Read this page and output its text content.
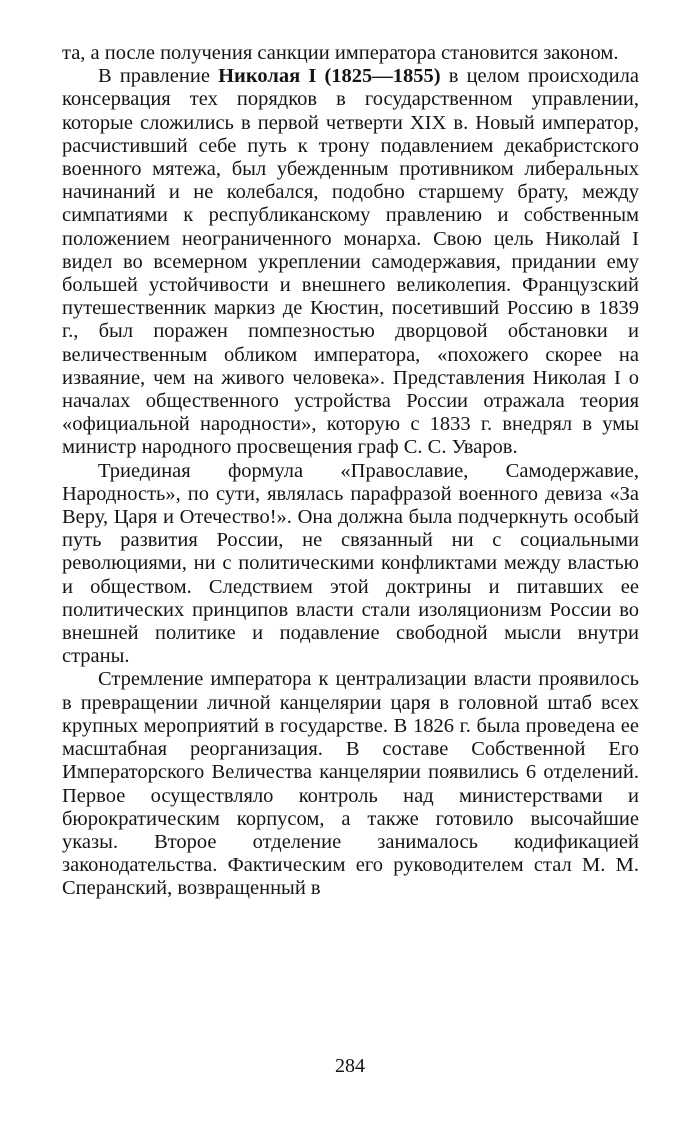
та, а после получения санкции императора становится законом.

В правление Николая I (1825—1855) в целом происходила консервация тех порядков в государственном управлении, которые сложились в первой четверти XIX в. Новый император, расчистивший себе путь к трону подавлением декабристского военного мятежа, был убежденным противником либеральных начинаний и не колебался, подобно старшему брату, между симпатиями к республиканскому правлению и собственным положением неограниченного монарха. Свою цель Николай I видел во всемерном укреплении самодержавия, придании ему большей устойчивости и внешнего великолепия. Французский путешественник маркиз де Кюстин, посетивший Россию в 1839 г., был поражен помпезностью дворцовой обстановки и величественным обликом императора, «похожего скорее на изваяние, чем на живого человека». Представления Николая I о началах общественного устройства России отражала теория «официальной народности», которую с 1833 г. внедрял в умы министр народного просвещения граф С. С. Уваров.

Триединая формула «Православие, Самодержавие, Народность», по сути, являлась парафразой военного девиза «За Веру, Царя и Отечество!». Она должна была подчеркнуть особый путь развития России, не связанный ни с социальными революциями, ни с политическими конфликтами между властью и обществом. Следствием этой доктрины и питавших ее политических принципов власти стали изоляционизм России во внешней политике и подавление свободной мысли внутри страны.

Стремление императора к централизации власти проявилось в превращении личной канцелярии царя в головной штаб всех крупных мероприятий в государстве. В 1826 г. была проведена ее масштабная реорганизация. В составе Собственной Его Императорского Величества канцелярии появились 6 отделений. Первое осуществляло контроль над министерствами и бюрократическим корпусом, а также готовило высочайшие указы. Второе отделение занималось кодификацией законодательства. Фактическим его руководителем стал М. М. Сперанский, возвращенный в

284
